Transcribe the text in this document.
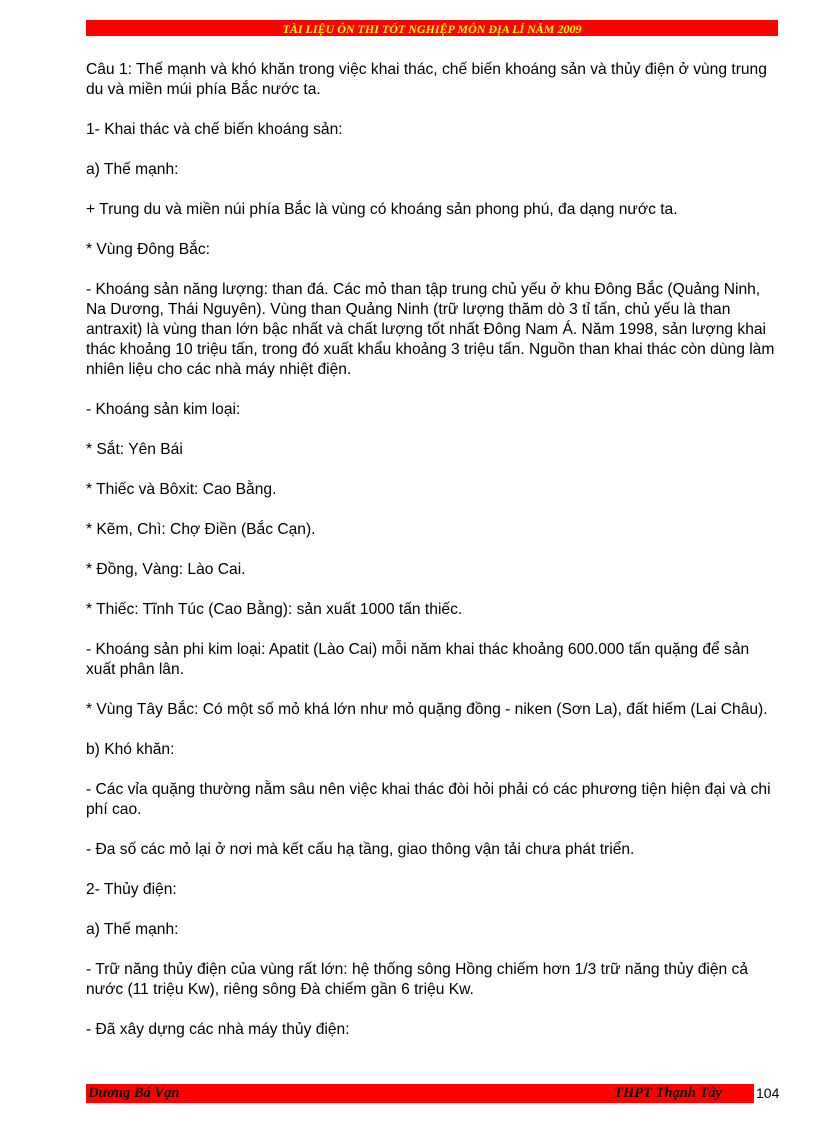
TÀI LIỆU ÔN THI TỐT NGHIỆP MÔN ĐỊA LÍ NĂM 2009

Câu 1: Thế mạnh và khó khăn trong việc khai thác, chế biến khoáng sản và thủy điện ở vùng trung du và miền múi phía Bắc nước ta.

1- Khai thác và chế biến khoáng sản:

a) Thế mạnh:

+ Trung du và miền núi phía Bắc là vùng có khoáng sản phong phú, đa dạng nước ta.

* Vùng Đông Bắc:

- Khoáng sản năng lượng: than đá. Các mỏ than tập trung chủ yếu ở khu Đông Bắc (Quảng Ninh, Na Dương, Thái Nguyên). Vùng than Quảng Ninh (trữ lượng thăm dò 3 tỉ tấn, chủ yếu là than antraxit) là vùng than lớn bậc nhất và chất lượng tốt nhất Đông Nam Á. Năm 1998, sản lượng khai thác khoảng 10 triệu tấn, trong đó xuất khẩu khoảng 3 triệu tấn. Nguồn than khai thác còn dùng làm nhiên liệu cho các nhà máy nhiệt điện.

- Khoáng sản kim loại:

* Sắt: Yên Bái

* Thiếc và Bôxit: Cao Bằng.

* Kẽm, Chì: Chợ Điền (Bắc Cạn).

* Đồng, Vàng: Lào Cai.

* Thiếc: Tĩnh Túc (Cao Bằng): sản xuất 1000 tấn thiếc.

- Khoáng sản phi kim loại: Apatit (Lào Cai) mỗi năm khai thác khoảng 600.000 tấn quặng để sản xuất phân lân.

* Vùng Tây Bắc: Có một số mỏ khá lớn như mỏ quặng đồng - niken (Sơn La), đất hiếm (Lai Châu).

b) Khó khăn:

- Các vỉa quặng thường nằm sâu nên việc khai thác đòi hỏi phải có các phương tiện hiện đại và chi phí cao.

- Đa số các mỏ lại ở nơi mà kết cấu hạ tầng, giao thông vận tải chưa phát triển.

2- Thủy điện:

a) Thế mạnh:

- Trữ năng thủy điện của vùng rất lớn: hệ thống sông Hồng chiếm hơn 1/3 trữ năng thủy điện cả nước (11 triệu Kw), riêng sông Đà chiếm gần 6 triệu Kw.

- Đã xây dựng các nhà máy thủy điện:

Dương Bá Vạn	THPT Thạnh Tây 104
